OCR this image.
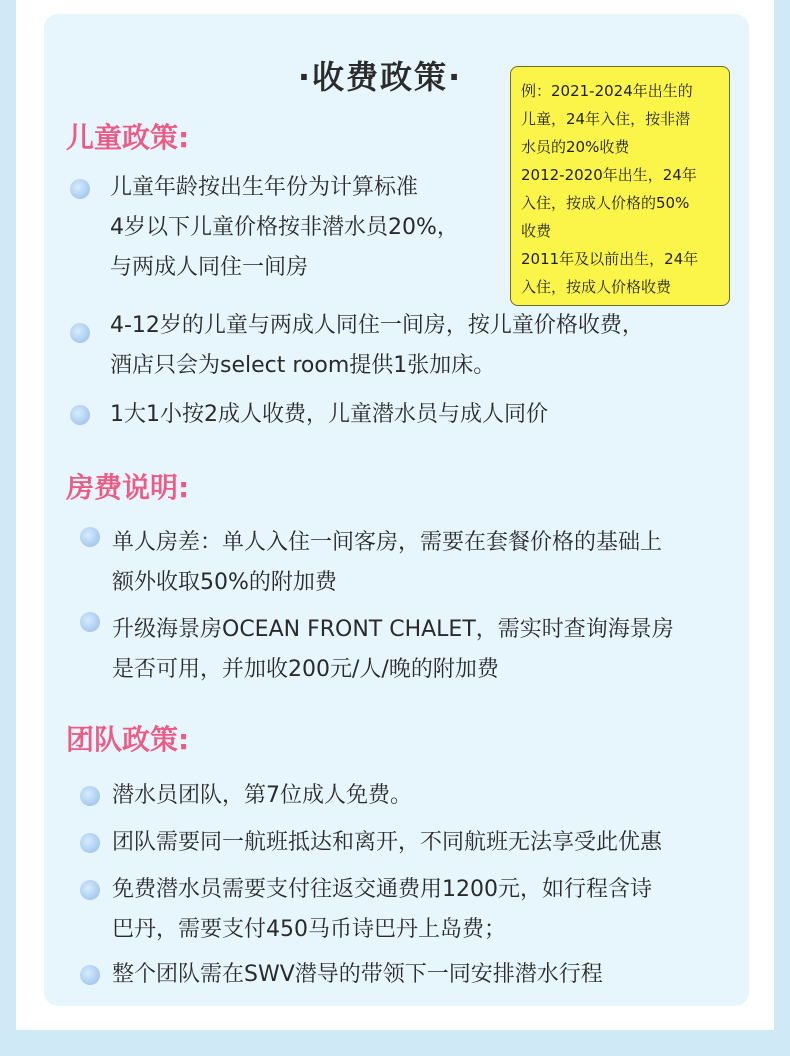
·收费政策·
儿童政策:
儿童年龄按出生年份为计算标准
4岁以下儿童价格按非潜水员20%，
与两成人同住一间房
4-12岁的儿童与两成人同住一间房，按儿童价格收费，
酒店只会为select room提供1张加床。
1大1小按2成人收费，儿童潜水员与成人同价
房费说明:
单人房差：单人入住一间客房，需要在套餐价格的基础上
额外收取50%的附加费
升级海景房OCEAN FRONT CHALET，需实时查询海景房
是否可用，并加收200元/人/晚的附加费
团队政策:
潜水员团队，第7位成人免费。
团队需要同一航班抵达和离开，不同航班无法享受此优惠
免费潜水员需要支付往返交通费用1200元，如行程含诗
巴丹，需要支付450马币诗巴丹上岛费；
整个团队需在SWV潜导的带领下一同安排潜水行程
例：2021-2024年出生的
儿童，24年入住，按非潜
水员的20%收费
2012-2020年出生，24年
入住，按成人价格的50%
收费
2011年及以前出生，24年
入住，按成人价格收费
